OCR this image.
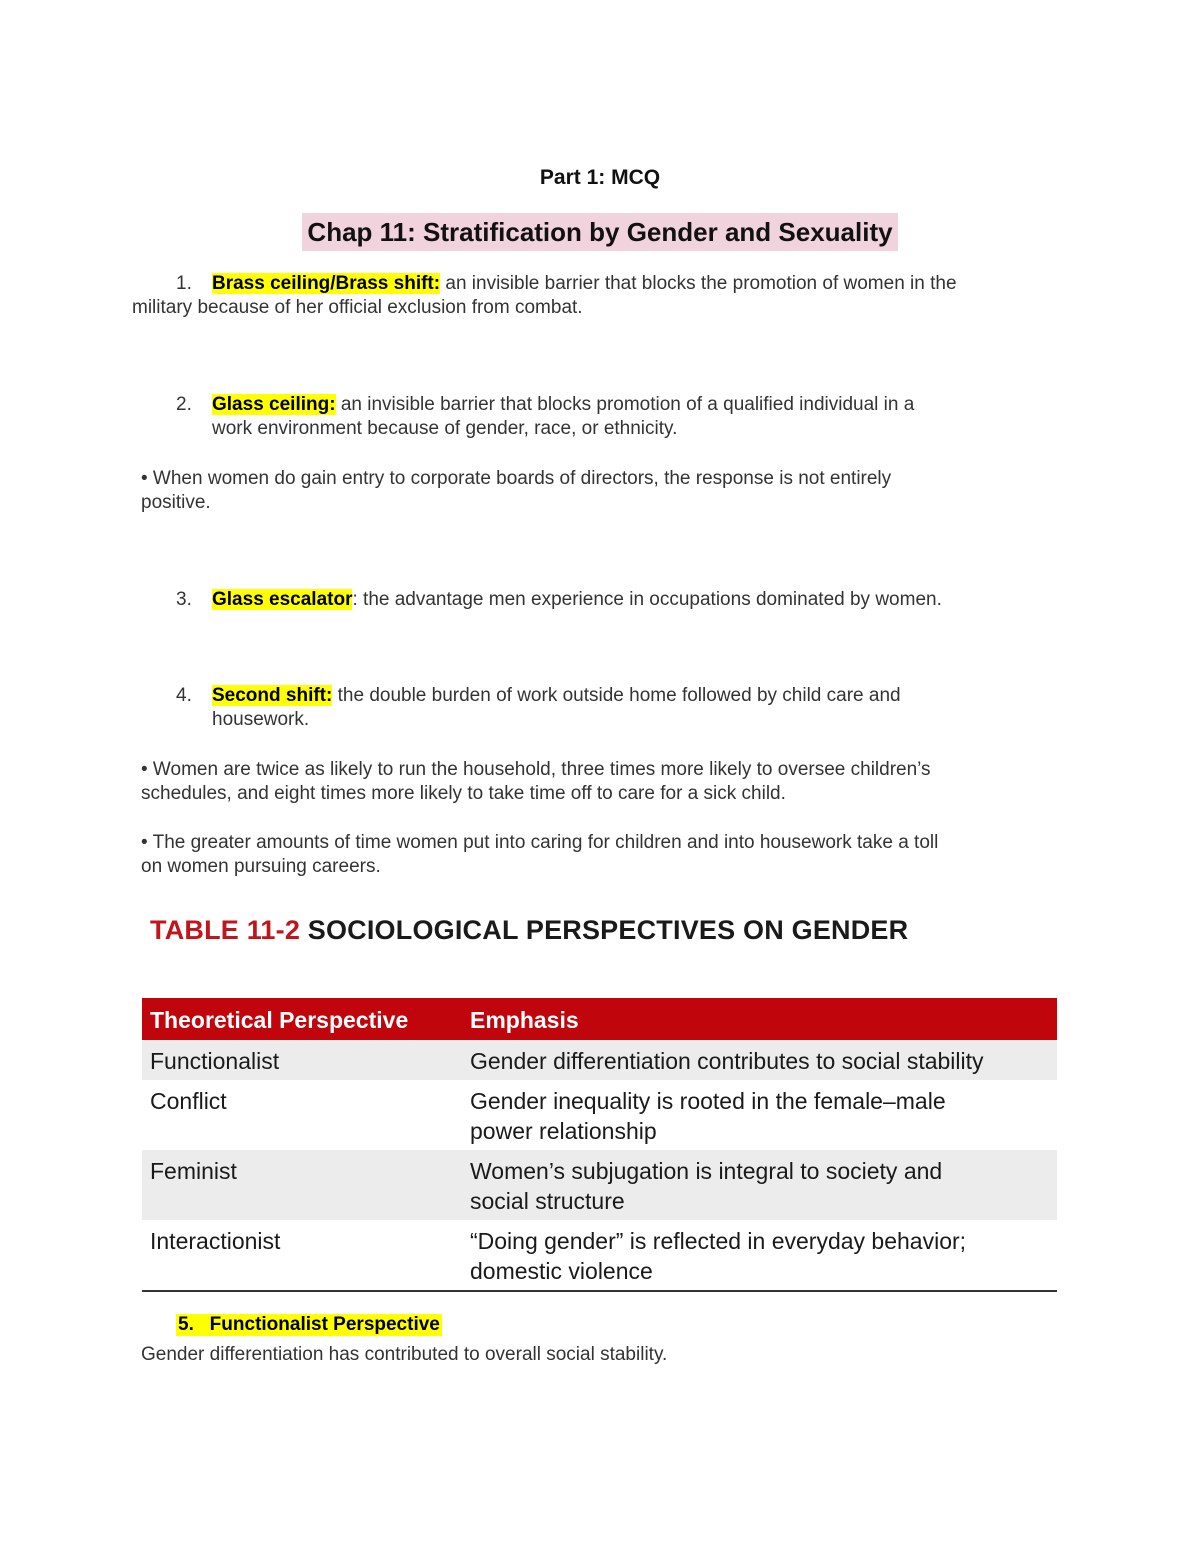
Part 1: MCQ
Chap 11: Stratification by Gender and Sexuality
1. Brass ceiling/Brass shift: an invisible barrier that blocks the promotion of women in the
military because of her official exclusion from combat.
2. Glass ceiling: an invisible barrier that blocks promotion of a qualified individual in a
work environment because of gender, race, or ethnicity.
• When women do gain entry to corporate boards of directors, the response is not entirely
positive.
3. Glass escalator: the advantage men experience in occupations dominated by women.
4. Second shift: the double burden of work outside home followed by child care and
housework.
• Women are twice as likely to run the household, three times more likely to oversee children’s
schedules, and eight times more likely to take time off to care for a sick child.
• The greater amounts of time women put into caring for children and into housework take a toll
on women pursuing careers.
TABLE 11-2 SOCIOLOGICAL PERSPECTIVES ON GENDER
Theoretical Perspective	Emphasis
Functionalist	Gender differentiation contributes to social stability

Conflict	Gender inequality is rooted in the female–male
power relationship

Feminist	Women’s subjugation is integral to society and
social structure

Interactionist	“Doing gender” is reflected in everyday behavior;
domestic violence
5.   Functionalist Perspective
Gender differentiation has contributed to overall social stability.
